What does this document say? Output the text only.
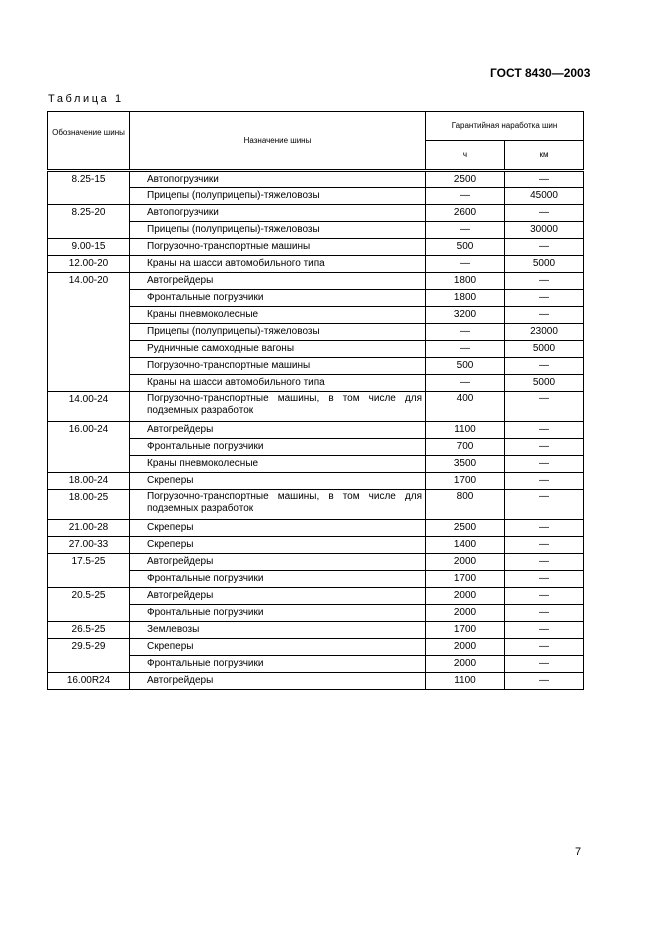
ГОСТ 8430—2003
Таблица 1
Обозначение шины	Назначение шины	Гарантийная наработка шин	
		ч	км
8.25-15	Автопогрузчики	2500	—
	Прицепы (полуприцепы)-тяжеловозы	—	45000
8.25-20	Автопогрузчики	2600	—
	Прицепы (полуприцепы)-тяжеловозы	—	30000
9.00-15	Погрузочно-транспортные машины	500	—
12.00-20	Краны на шасси автомобильного типа	—	5000
14.00-20	Автогрейдеры	1800	—
	Фронтальные погрузчики	1800	—
	Краны пневмоколесные	3200	—
	Прицепы (полуприцепы)-тяжеловозы	—	23000
	Рудничные самоходные вагоны	—	5000
	Погрузочно-транспортные машины	500	—
	Краны на шасси автомобильного типа	—	5000
14.00-24	Погрузочно-транспортные машины, в том числе для подземных разработок	400	—
16.00-24	Автогрейдеры	1100	—
	Фронтальные погрузчики	700	—
	Краны пневмоколесные	3500	—
18.00-24	Скреперы	1700	—
18.00-25	Погрузочно-транспортные машины, в том числе для подземных разработок	800	—
21.00-28	Скреперы	2500	—
27.00-33	Скреперы	1400	—
17.5-25	Автогрейдеры	2000	—
	Фронтальные погрузчики	1700	—
20.5-25	Автогрейдеры	2000	—
	Фронтальные погрузчики	2000	—
26.5-25	Землевозы	1700	—
29.5-29	Скреперы	2000	—
	Фронтальные погрузчики	2000	—
16.00R24	Автогрейдеры	1100	—
7
